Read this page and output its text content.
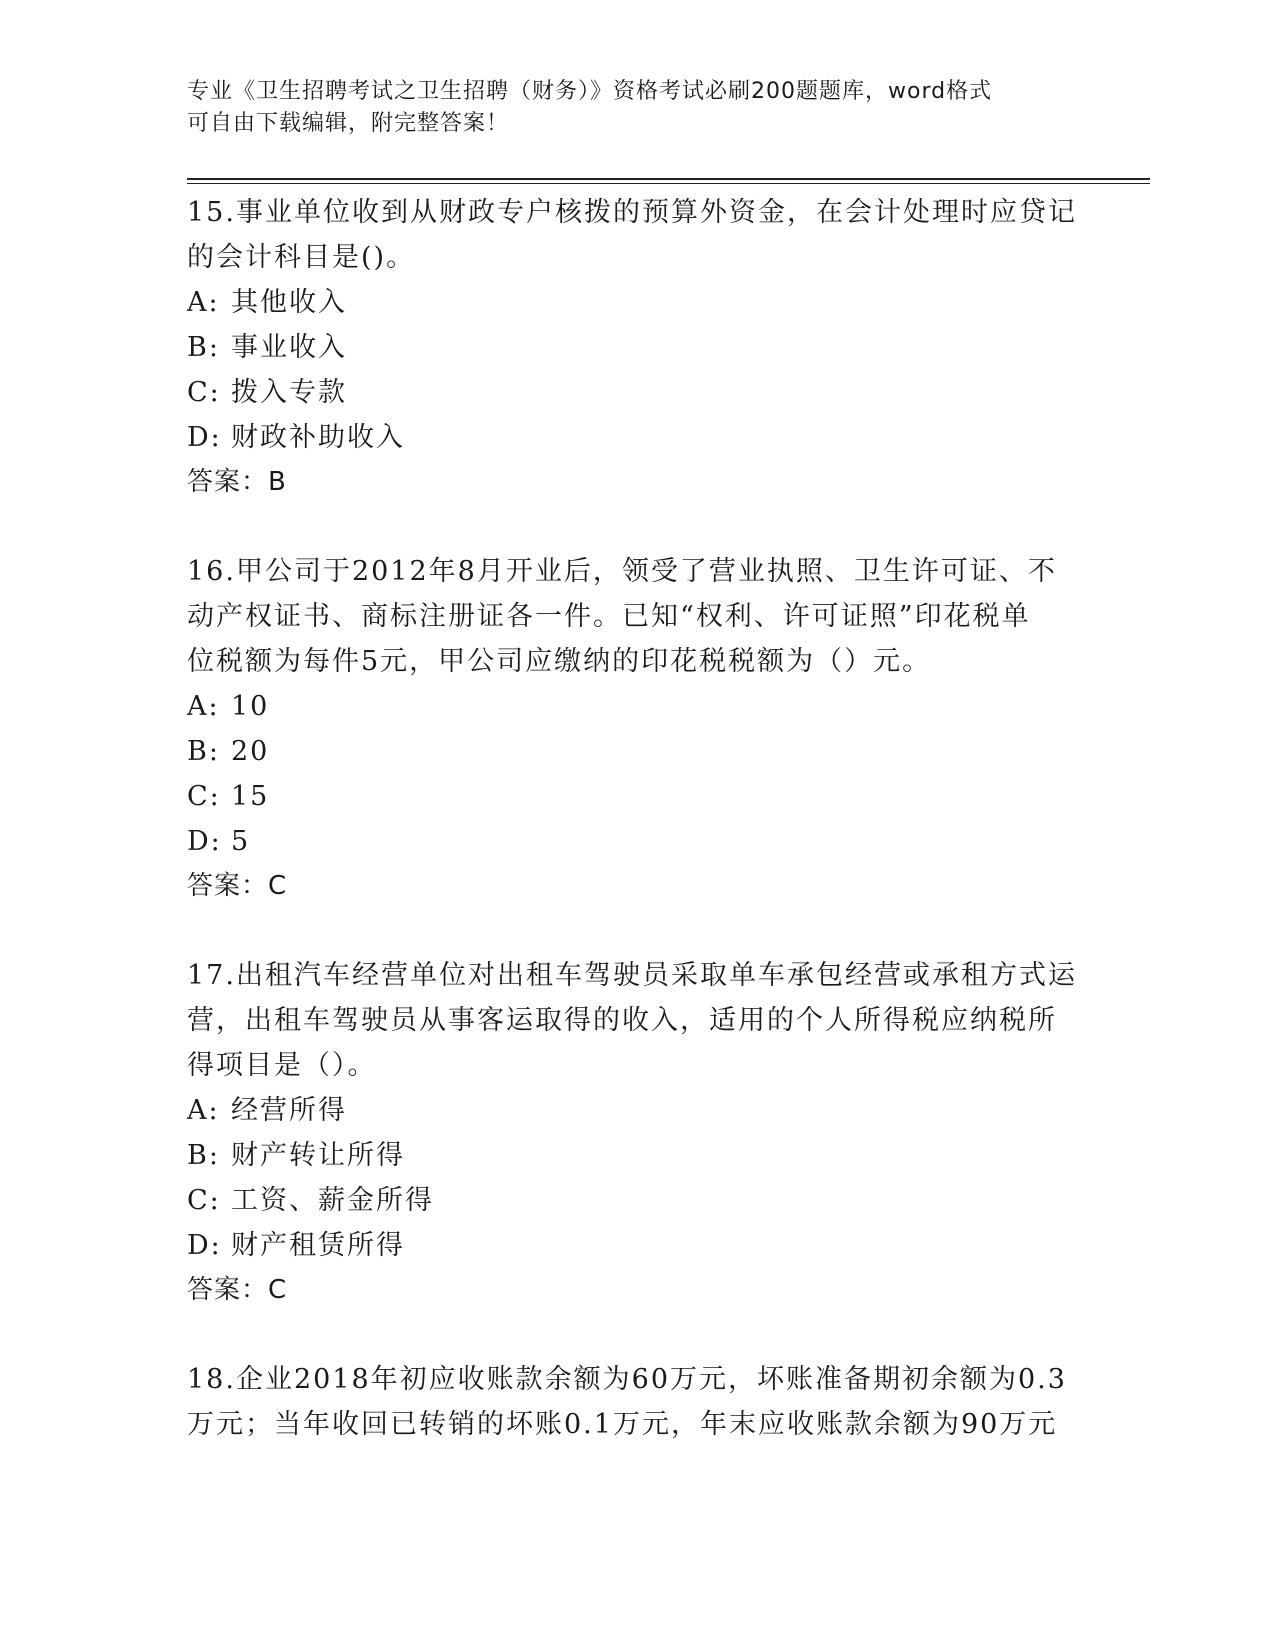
专业《卫生招聘考试之卫生招聘（财务）》资格考试必刷200题题库，word格式

可自由下载编辑，附完整答案！

15.事业单位收到从财政专户核拨的预算外资金，在会计处理时应贷记

的会计科目是()。

A: 其他收入

B: 事业收入

C: 拨入专款

D: 财政补助收入

答案：B

16.甲公司于2012年8月开业后，领受了营业执照、卫生许可证、不

动产权证书、商标注册证各一件。已知“权利、许可证照”印花税单

位税额为每件5元，甲公司应缴纳的印花税税额为（）元。

A: 10

B: 20

C: 15

D: 5

答案：C

17.出租汽车经营单位对出租车驾驶员采取单车承包经营或承租方式运

营，出租车驾驶员从事客运取得的收入，适用的个人所得税应纳税所

得项目是（）。

A: 经营所得

B: 财产转让所得

C: 工资、薪金所得

D: 财产租赁所得

答案：C

18.企业2018年初应收账款余额为60万元，坏账准备期初余额为0.3

万元；当年收回已转销的坏账0.1万元，年末应收账款余额为90万元
